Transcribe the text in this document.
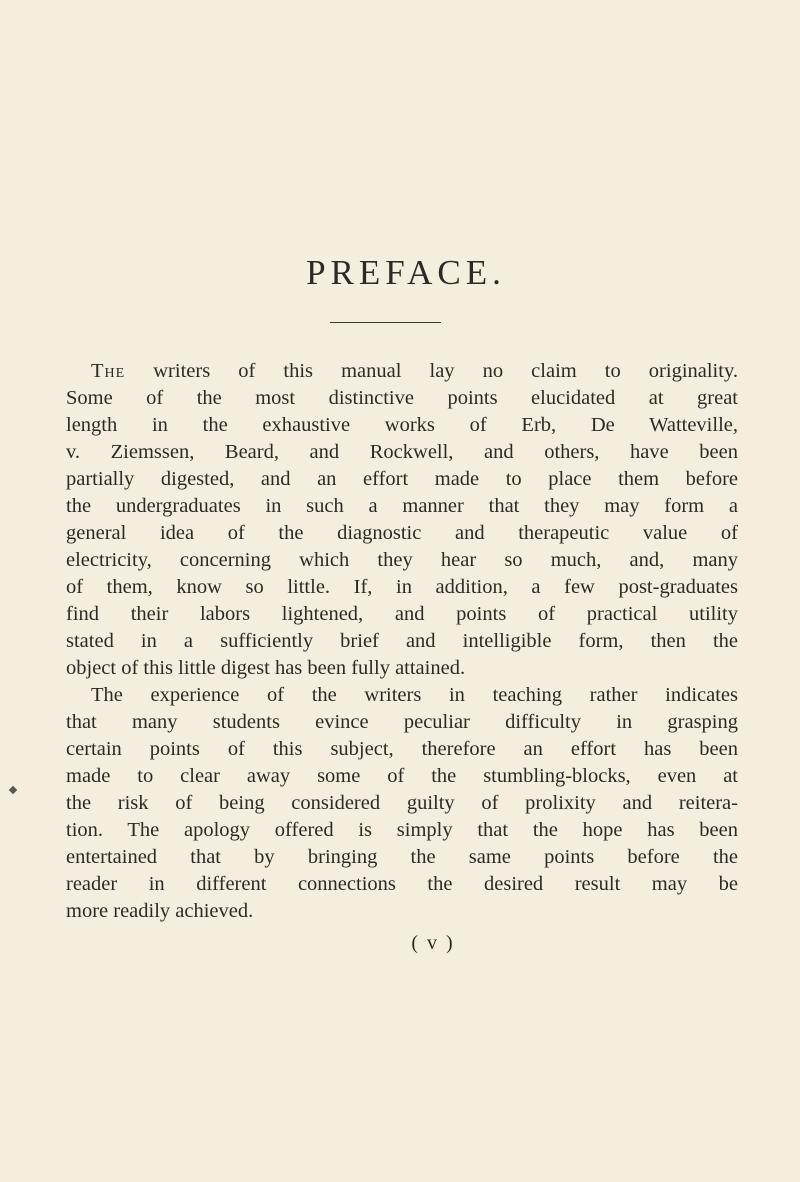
PREFACE.
The writers of this manual lay no claim to originality.
Some of the most distinctive points elucidated at great
length in the exhaustive works of Erb, De Watteville,
v. Ziemssen, Beard, and Rockwell, and others, have been
partially digested, and an effort made to place them before
the undergraduates in such a manner that they may form a
general idea of the diagnostic and therapeutic value of
electricity, concerning which they hear so much, and, many
of them, know so little. If, in addition, a few post-graduates
find their labors lightened, and points of practical utility
stated in a sufficiently brief and intelligible form, then the
object of this little digest has been fully attained.
The experience of the writers in teaching rather indicates
that many students evince peculiar difficulty in grasping
certain points of this subject, therefore an effort has been
made to clear away some of the stumbling-blocks, even at
the risk of being considered guilty of prolixity and reitera-
tion. The apology offered is simply that the hope has been
entertained that by bringing the same points before the
reader in different connections the desired result may be
more readily achieved.
( v )
